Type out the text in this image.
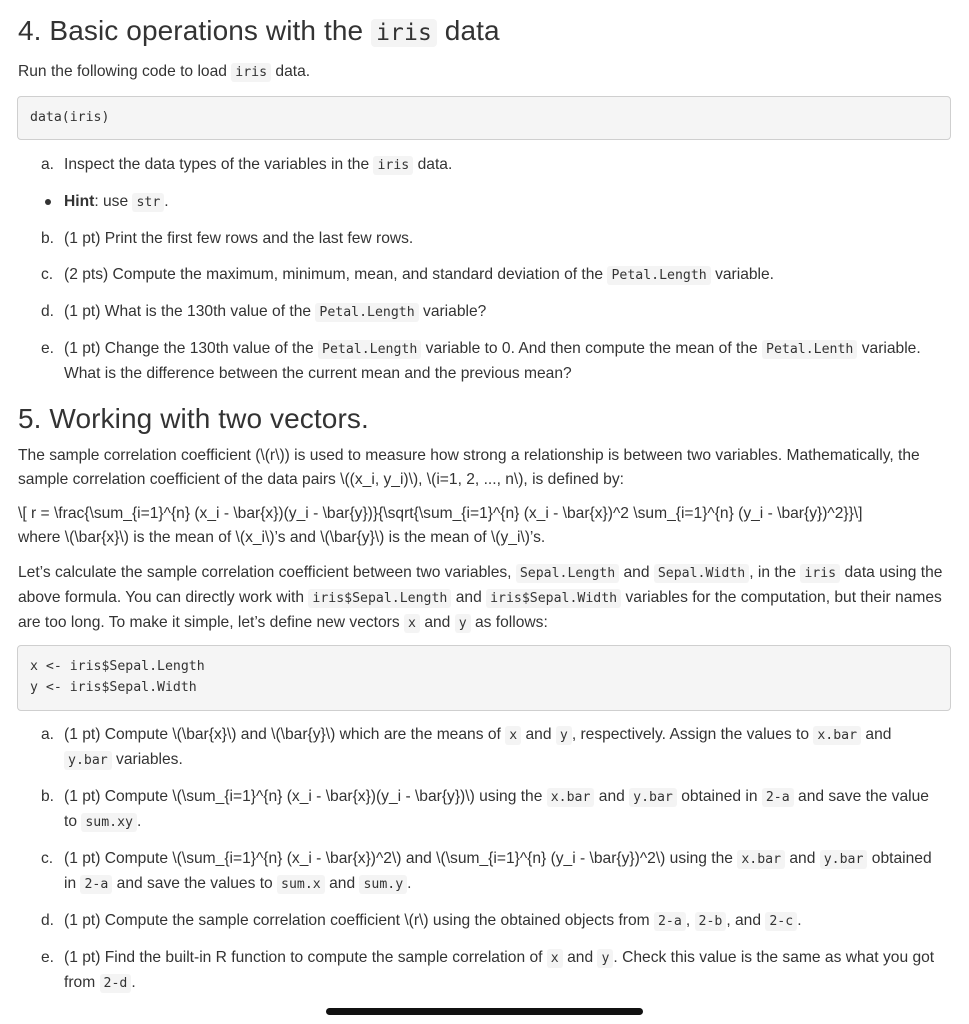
4. Basic operations with the iris data

Run the following code to load iris data.

data(iris)
a. Inspect the data types of the variables in the iris data.
Hint: use str .
b. (1 pt) Print the first few rows and the last few rows.
c. (2 pts) Compute the maximum, minimum, mean, and standard deviation of the Petal.Length variable.
d. (1 pt) What is the 130th value of the Petal.Length variable?
e. (1 pt) Change the 130th value of the Petal.Length variable to 0. And then compute the mean of the Petal.Lenth variable. What is the difference between the current mean and the previous mean?
5. Working with two vectors.

The sample correlation coefficient (\(r\)) is used to measure how strong a relationship is between two variables. Mathematically, the sample correlation coefficient of the data pairs \((x_i, y_i)\), \(i=1, 2, ..., n\), is defined by:

\[ r = \frac{\sum_{i=1}^{n} (x_i - \bar{x})(y_i - \bar{y})}{\sqrt{\sum_{i=1}^{n} (x_i - \bar{x})^2 \sum_{i=1}^{n} (y_i - \bar{y})^2}}\]
where \(\bar{x}\) is the mean of \(x_i\)’s and \(\bar{y}\) is the mean of \(y_i\)’s.

Let’s calculate the sample correlation coefficient between two variables, Sepal.Length and Sepal.Width , in the iris data using the above formula. You can directly work with iris$Sepal.Length and iris$Sepal.Width variables for the computation, but their names are too long. To make it simple, let’s define new vectors x and y as follows:

x <- iris$Sepal.Length
y <- iris$Sepal.Width
a. (1 pt) Compute \(\bar{x}\) and \(\bar{y}\) which are the means of x and y , respectively. Assign the values to x.bar and y.bar variables.
b. (1 pt) Compute \(\sum_{i=1}^{n} (x_i - \bar{x})(y_i - \bar{y})\) using the x.bar and y.bar obtained in 2-a and save the value to sum.xy .
c. (1 pt) Compute \(\sum_{i=1}^{n} (x_i - \bar{x})^2\) and \(\sum_{i=1}^{n} (y_i - \bar{y})^2\) using the x.bar and y.bar obtained in 2-a and save the values to sum.x and sum.y .
d. (1 pt) Compute the sample correlation coefficient \(r\) using the obtained objects from 2-a , 2-b , and 2-c .
e. (1 pt) Find the built-in R function to compute the sample correlation of x and y . Check this value is the same as what you got from 2-d .
